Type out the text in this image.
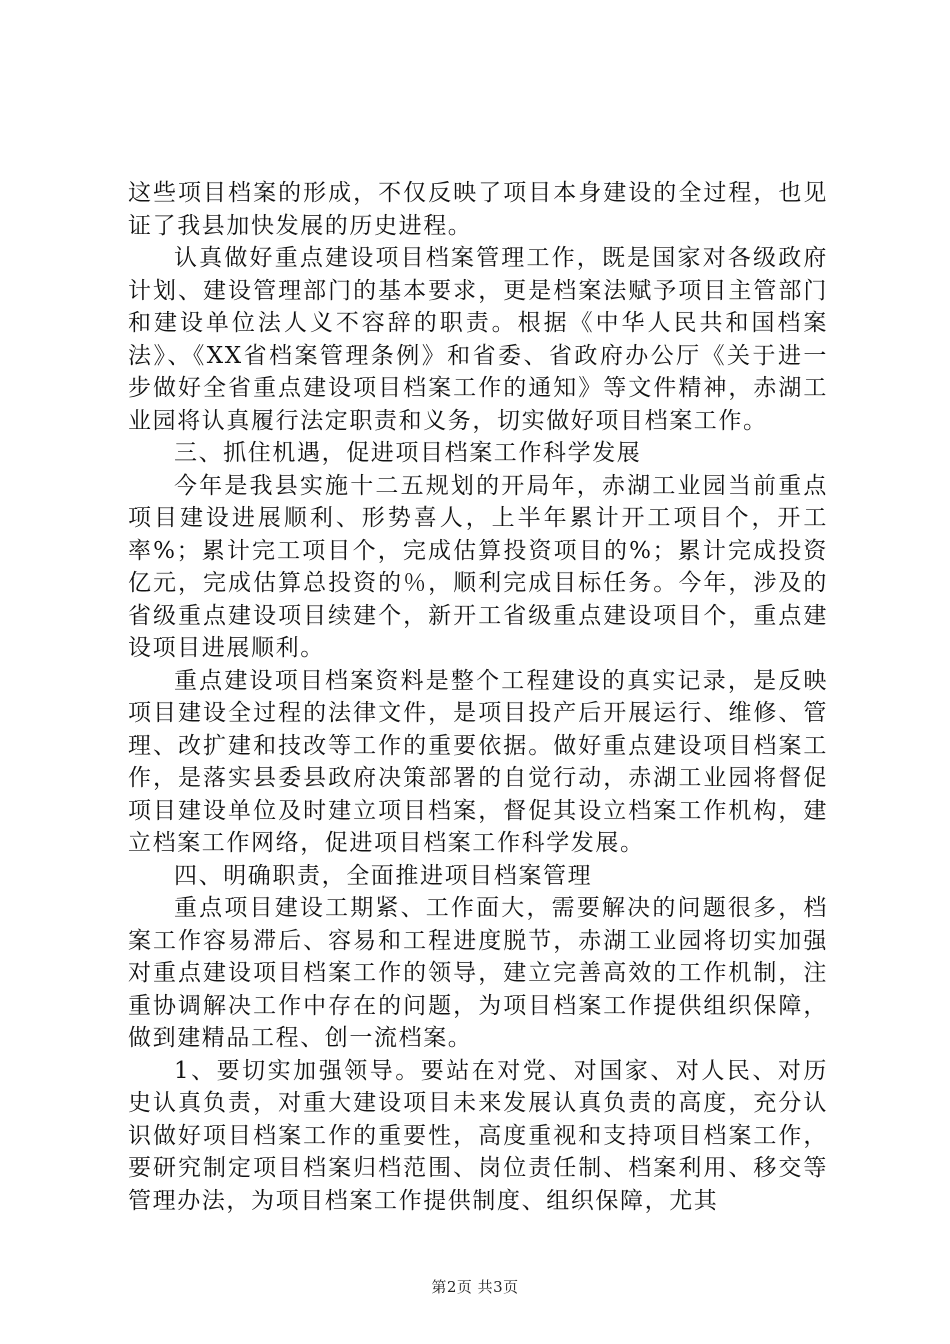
这些项目档案的形成，不仅反映了项目本身建设的全过程，也见证了我县加快发展的历史进程。

认真做好重点建设项目档案管理工作，既是国家对各级政府计划、建设管理部门的基本要求，更是档案法赋予项目主管部门和建设单位法人义不容辞的职责。根据《中华人民共和国档案法》、《XX省档案管理条例》和省委、省政府办公厅《关于进一步做好全省重点建设项目档案工作的通知》等文件精神，赤湖工业园将认真履行法定职责和义务，切实做好项目档案工作。

三、抓住机遇，促进项目档案工作科学发展

今年是我县实施十二五规划的开局年，赤湖工业园当前重点项目建设进展顺利、形势喜人，上半年累计开工项目个，开工率%；累计完工项目个，完成估算投资项目的%；累计完成投资亿元，完成估算总投资的％，顺利完成目标任务。今年，涉及的省级重点建设项目续建个，新开工省级重点建设项目个，重点建设项目进展顺利。

重点建设项目档案资料是整个工程建设的真实记录，是反映项目建设全过程的法律文件，是项目投产后开展运行、维修、管理、改扩建和技改等工作的重要依据。做好重点建设项目档案工作，是落实县委县政府决策部署的自觉行动，赤湖工业园将督促项目建设单位及时建立项目档案，督促其设立档案工作机构，建立档案工作网络，促进项目档案工作科学发展。

四、明确职责，全面推进项目档案管理

重点项目建设工期紧、工作面大，需要解决的问题很多，档案工作容易滞后、容易和工程进度脱节，赤湖工业园将切实加强对重点建设项目档案工作的领导，建立完善高效的工作机制，注重协调解决工作中存在的问题，为项目档案工作提供组织保障，做到建精品工程、创一流档案。

1、要切实加强领导。要站在对党、对国家、对人民、对历史认真负责，对重大建设项目未来发展认真负责的高度，充分认识做好项目档案工作的重要性，高度重视和支持项目档案工作，要研究制定项目档案归档范围、岗位责任制、档案利用、移交等管理办法，为项目档案工作提供制度、组织保障，尤其

第2页 共3页
